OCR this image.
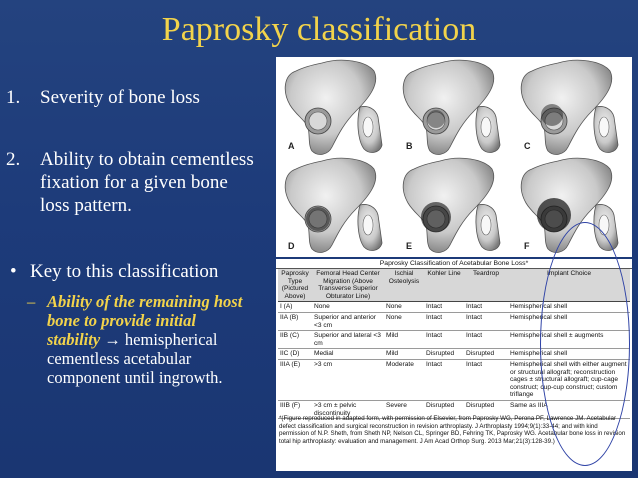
Paprosky classification
1. Severity of bone loss
2. Ability to obtain cementless fixation for a given bone loss pattern.
• Key to this classification
– Ability of the remaining host bone to provide initial stability → hemispherical cementless acetabular component until ingrowth.
A	B	C
D	E	F
Paprosky Classification of Acetabular Bone Loss*
Paprosky Type (Pictured Above)	Femoral Head Center Migration (Above Transverse Superior Obturator Line)	Ischial Osteolysis	Kohler Line	Teardrop	Implant Choice
I (A)	None	None	Intact	Intact	Hemispherical shell
IIA (B)	Superior and anterior <3 cm	None	Intact	Intact	Hemispherical shell
IIB (C)	Superior and lateral <3 cm	Mild	Intact	Intact	Hemispherical shell ± augments
IIC (D)	Medial	Mild	Disrupted	Disrupted	Hemispherical shell
IIIA (E)	>3 cm	Moderate	Intact	Intact	Hemispherical shell with either augment or structural allograft; reconstruction cages ± structural allograft; cup-cage construct; cup-cup construct; custom triflange
IIIB (F)	>3 cm ± pelvic discontinuity	Severe	Disrupted	Disrupted	Same as IIIA
*(Figure reproduced in adapted form, with permission of Elsevier, from Paprosky WG, Perona PF, Lawrence JM. Acetabular defect classification and surgical reconstruction in revision arthroplasty. J Arthroplasty 1994;9(1):33-44; and with kind permission of N.P. Sheth, from Sheth NP, Nelson CL, Springer BD, Fehring TK, Paprosky WG. Acetabular bone loss in revision total hip arthroplasty: evaluation and management. J Am Acad Orthop Surg. 2013 Mar;21(3):128-39.)
